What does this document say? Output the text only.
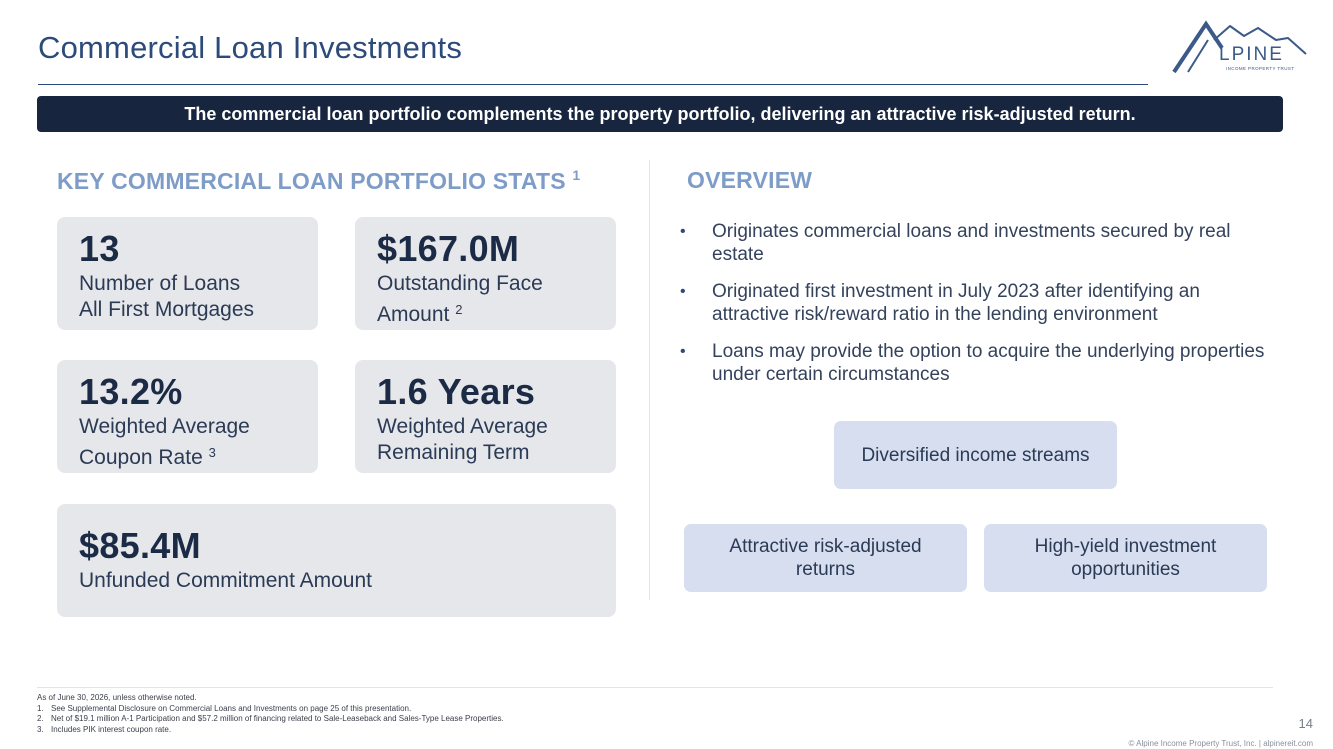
Commercial Loan Investments	LPINE
INCOME PROPERTY TRUST
The commercial loan portfolio complements the property portfolio, delivering an attractive risk-adjusted return.
KEY COMMERCIAL LOAN PORTFOLIO STATS $^1$
13
Number of Loans
All First Mortgages
$167.0M
Outstanding Face
Amount $^2$
13.2%
Weighted Average
Coupon Rate $^3$
1.6 Years
Weighted Average
Remaining Term
$85.4M
Unfunded Commitment Amount
OVERVIEW
• Originates commercial loans and investments secured by real estate
• Originated first investment in July 2023 after identifying an attractive risk/reward ratio in the lending environment
• Loans may provide the option to acquire the underlying properties under certain circumstances
Diversified income streams
Attractive risk-adjusted returns
High-yield investment opportunities
As of June 30, 2026, unless otherwise noted.
1. See Supplemental Disclosure on Commercial Loans and Investments on page 25 of this presentation.
2. Net of $19.1 million A-1 Participation and $57.2 million of financing related to Sale-Leaseback and Sales-Type Lease Properties.
3. Includes PIK interest coupon rate.	14
© Alpine Income Property Trust, Inc. | alpinereit.com
